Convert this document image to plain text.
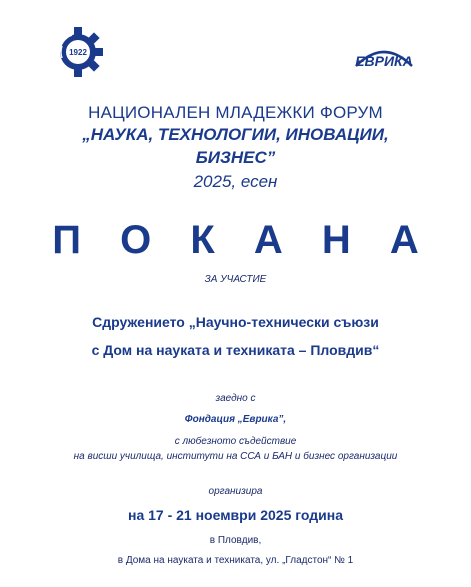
1922
ЕВРИКА
НАЦИОНАЛЕН МЛАДЕЖКИ ФОРУМ
„НАУКА, ТЕХНОЛОГИИ, ИНОВАЦИИ,
БИЗНЕС”
2025, есен
П О К А Н А
ЗА УЧАСТИЕ
Сдружението „Научно-технически съюзи
с Дом на науката и техниката – Пловдив“
заедно с
Фондация „Еврика”,
с любезното съдействие
на висши училища, институти на ССА и БАН и бизнес организации
организира
на 17 - 21 ноември 2025 година
в Пловдив,
в Дома на науката и техниката, ул. „Гладстон“ № 1
